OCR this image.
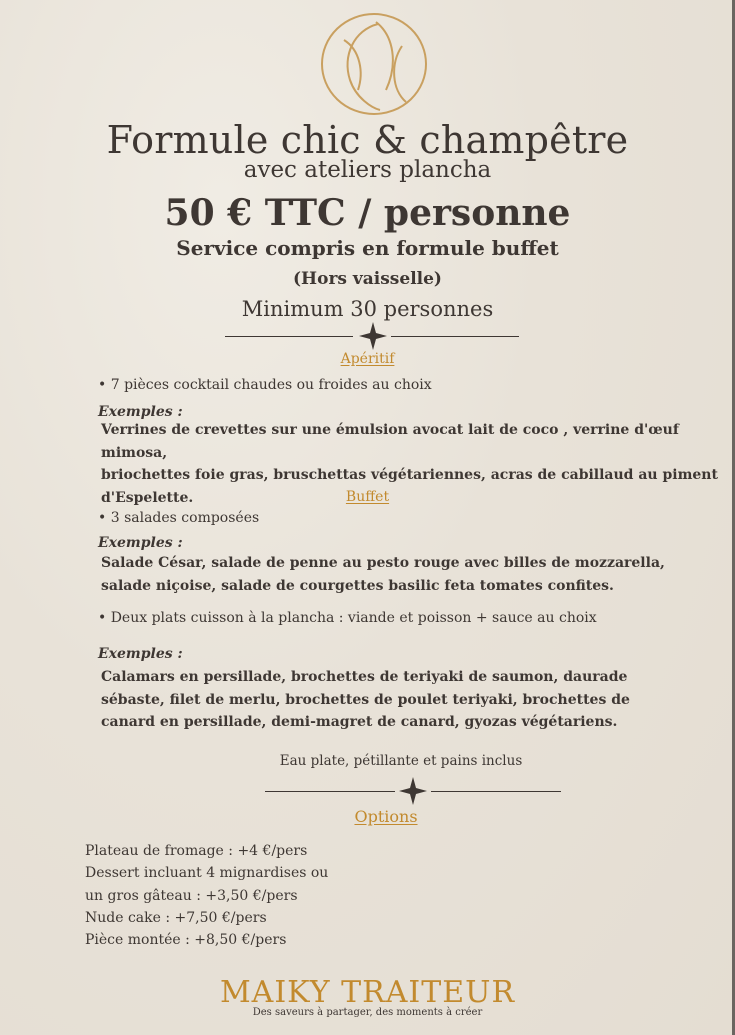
Formule chic & champêtre
avec ateliers plancha
50 € TTC / personne
Service compris en formule buffet
(Hors vaisselle)
Minimum 30 personnes
Apéritif
• 7 pièces cocktail chaudes ou froides au choix
Exemples :
Verrines de crevettes sur une émulsion avocat lait de coco , verrine d'œuf mimosa,
briochettes foie gras, bruschettas végétariennes, acras de cabillaud au piment
d'Espelette.	Buffet
• 3 salades composées
Exemples :
Salade César, salade de penne au pesto rouge avec billes de mozzarella,
salade niçoise, salade de courgettes basilic feta tomates confites.
• Deux plats cuisson à la plancha : viande et poisson + sauce au choix
Exemples :
Calamars en persillade, brochettes de teriyaki de saumon, daurade
sébaste, filet de merlu, brochettes de poulet teriyaki, brochettes de
canard en persillade, demi-magret de canard, gyozas végétariens.
Eau plate, pétillante et pains inclus
Options
Plateau de fromage : +4 €/pers
Dessert incluant 4 mignardises ou
un gros gâteau : +3,50 €/pers
Nude cake : +7,50 €/pers
Pièce montée : +8,50 €/pers
MAIKY TRAITEUR
Des saveurs à partager, des moments à créer
